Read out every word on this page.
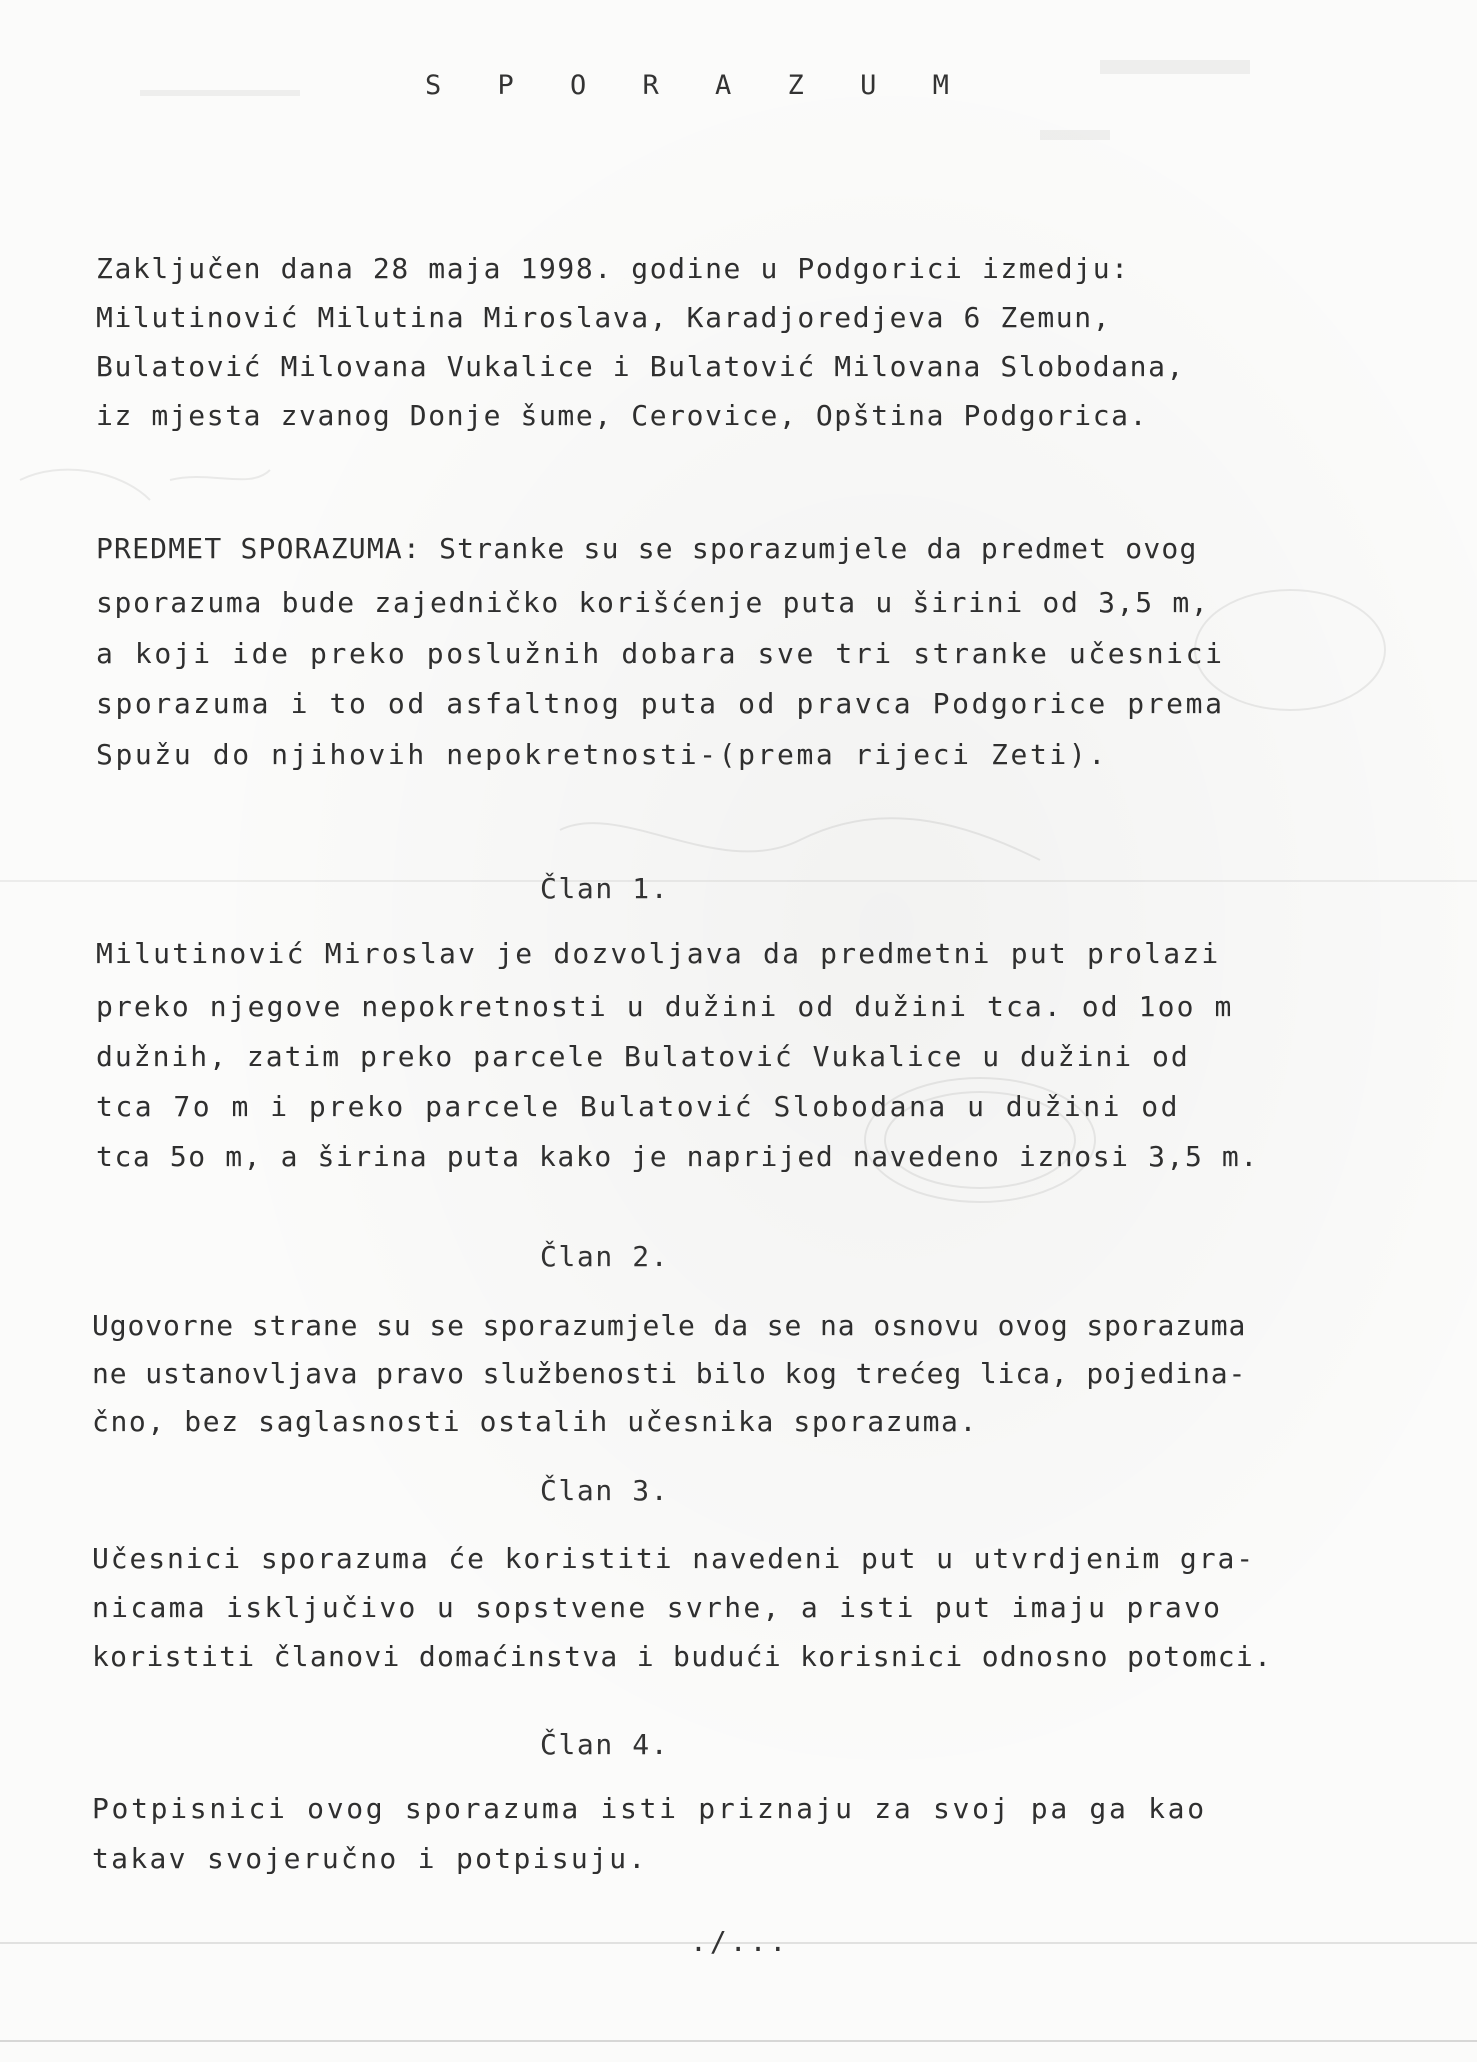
S P O R A Z U M
Zaključen dana 28 maja 1998. godine u Podgorici izmedju:
Milutinović Milutina Miroslava, Karadjoredjeva 6 Zemun,
Bulatović Milovana Vukalice i Bulatović Milovana Slobodana,
iz mjesta zvanog Donje šume, Cerovice, Opština Podgorica.
PREDMET SPORAZUMA: Stranke su se sporazumjele da predmet ovog
sporazuma bude zajedničko korišćenje puta u širini od 3,5 m,
a koji ide preko poslužnih dobara sve tri stranke učesnici
sporazuma i to od asfaltnog puta od pravca Podgorice prema
Spužu do njihovih nepokretnosti-(prema rijeci Zeti).
Član 1.
Milutinović Miroslav je dozvoljava da predmetni put prolazi
preko njegove nepokretnosti u dužini od dužini tca. od 1oo m
dužnih, zatim preko parcele Bulatović Vukalice u dužini od
tca 7o m i preko parcele Bulatović Slobodana u dužini od
tca 5o m, a širina puta kako je naprijed navedeno iznosi 3,5 m.
Član 2.
Ugovorne strane su se sporazumjele da se na osnovu ovog sporazuma
ne ustanovljava pravo službenosti bilo kog trećeg lica, pojedina-
čno, bez saglasnosti ostalih učesnika sporazuma.
Član 3.
Učesnici sporazuma će koristiti navedeni put u utvrdjenim gra-
nicama isključivo u sopstvene svrhe, a isti put imaju pravo
koristiti članovi domaćinstva i budući korisnici odnosno potomci.
Član 4.
Potpisnici ovog sporazuma isti priznaju za svoj pa ga kao
takav svojeručno i potpisuju.
./...
